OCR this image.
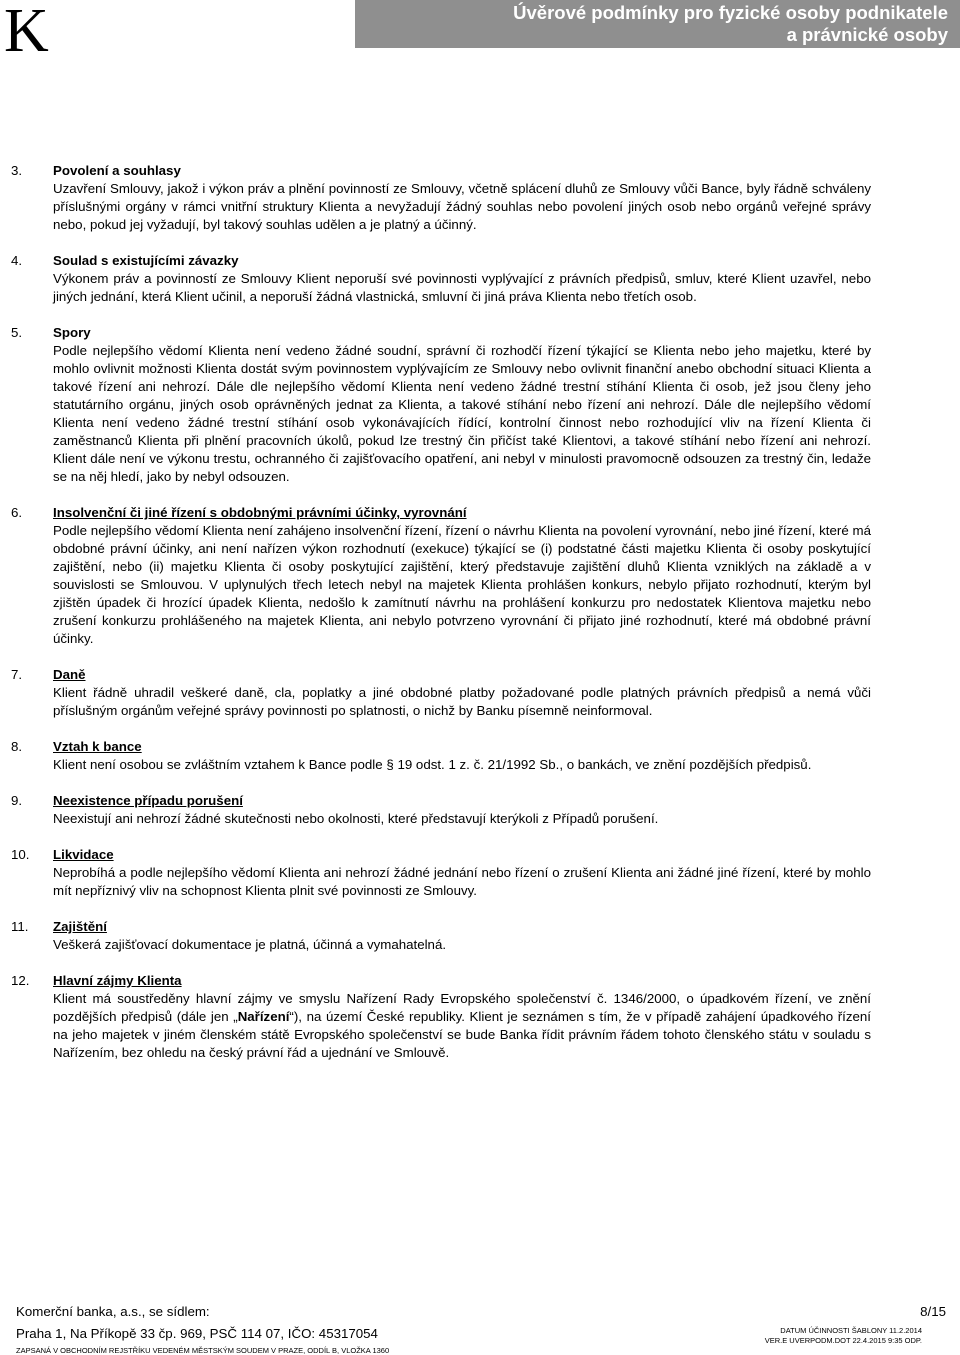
K	Úvěrové podmínky pro fyzické osoby podnikatele
a právnické osoby
3. Povolení a souhlasy
Uzavření Smlouvy, jakož i výkon práv a plnění povinností ze Smlouvy, včetně splácení dluhů ze Smlouvy vůči Bance, byly řádně schváleny příslušnými orgány v rámci vnitřní struktury Klienta a nevyžadují žádný souhlas nebo povolení jiných osob nebo orgánů veřejné správy nebo, pokud jej vyžadují, byl takový souhlas udělen a je platný a účinný.
4. Soulad s existujícími závazky
Výkonem práv a povinností ze Smlouvy Klient neporuší své povinnosti vyplývající z právních předpisů, smluv, které Klient uzavřel, nebo jiných jednání, která Klient učinil, a neporuší žádná vlastnická, smluvní či jiná práva Klienta nebo třetích osob.
5. Spory
Podle nejlepšího vědomí Klienta není vedeno žádné soudní, správní či rozhodčí řízení týkající se Klienta nebo jeho majetku, které by mohlo ovlivnit možnosti Klienta dostát svým povinnostem vyplývajícím ze Smlouvy nebo ovlivnit finanční anebo obchodní situaci Klienta a takové řízení ani nehrozí. Dále dle nejlepšího vědomí Klienta není vedeno žádné trestní stíhání Klienta či osob, jež jsou členy jeho statutárního orgánu, jiných osob oprávněných jednat za Klienta, a takové stíhání nebo řízení ani nehrozí. Dále dle nejlepšího vědomí Klienta není vedeno žádné trestní stíhání osob vykonávajících řídící, kontrolní činnost nebo rozhodující vliv na řízení Klienta či zaměstnanců Klienta při plnění pracovních úkolů, pokud lze trestný čin přičíst také Klientovi, a takové stíhání nebo řízení ani nehrozí. Klient dále není ve výkonu trestu, ochranného či zajišťovacího opatření, ani nebyl v minulosti pravomocně odsouzen za trestný čin, ledaže se na něj hledí, jako by nebyl odsouzen.
6. Insolvenční či jiné řízení s obdobnými právními účinky, vyrovnání
Podle nejlepšího vědomí Klienta není zahájeno insolvenční řízení, řízení o návrhu Klienta na povolení vyrovnání, nebo jiné řízení, které má obdobné právní účinky, ani není nařízen výkon rozhodnutí (exekuce) týkající se (i) podstatné části majetku Klienta či osoby poskytující zajištění, nebo (ii) majetku Klienta či osoby poskytující zajištění, který představuje zajištění dluhů Klienta vzniklých na základě a v souvislosti se Smlouvou. V uplynulých třech letech nebyl na majetek Klienta prohlášen konkurs, nebylo přijato rozhodnutí, kterým byl zjištěn úpadek či hrozící úpadek Klienta, nedošlo k zamítnutí návrhu na prohlášení konkurzu pro nedostatek Klientova majetku nebo zrušení konkurzu prohlášeného na majetek Klienta, ani nebylo potvrzeno vyrovnání či přijato jiné rozhodnutí, které má obdobné právní účinky.
7. Daně
Klient řádně uhradil veškeré daně, cla, poplatky a jiné obdobné platby požadované podle platných právních předpisů a nemá vůči příslušným orgánům veřejné správy povinnosti po splatnosti, o nichž by Banku písemně neinformoval.
8. Vztah k bance
Klient není osobou se zvláštním vztahem k Bance podle § 19 odst. 1 z. č. 21/1992 Sb., o bankách, ve znění pozdějších předpisů.
9. Neexistence případu porušení
Neexistují ani nehrozí žádné skutečnosti nebo okolnosti, které představují kterýkoli z Případů porušení.
10. Likvidace
Neprobíhá a podle nejlepšího vědomí Klienta ani nehrozí žádné jednání nebo řízení o zrušení Klienta ani žádné jiné řízení, které by mohlo mít nepříznivý vliv na schopnost Klienta plnit své povinnosti ze Smlouvy.
11. Zajištění
Veškerá zajišťovací dokumentace je platná, účinná a vymahatelná.
12. Hlavní zájmy Klienta
Klient má soustředěny hlavní zájmy ve smyslu Nařízení Rady Evropského společenství č. 1346/2000, o úpadkovém řízení, ve znění pozdějších předpisů (dále jen „Nařízení“), na území České republiky. Klient je seznámen s tím, že v případě zahájení úpadkového řízení na jeho majetek v jiném členském státě Evropského společenství se bude Banka řídit právním řádem tohoto členského státu v souladu s Nařízením, bez ohledu na český právní řád a ujednání ve Smlouvě.
Komerční banka, a.s., se sídlem:
Praha 1, Na Příkopě 33 čp. 969, PSČ 114 07, IČO: 45317054
ZAPSANÁ V OBCHODNÍM REJSTŘÍKU VEDENÉM MĚSTSKÝM SOUDEM V PRAZE, ODDÍL B, VLOŽKA 1360
8/15
DATUM ÚČINNOSTI ŠABLONY 11.2.2014
VER.E UVERPODM.DOT 22.4.2015 9:35 ODP.
